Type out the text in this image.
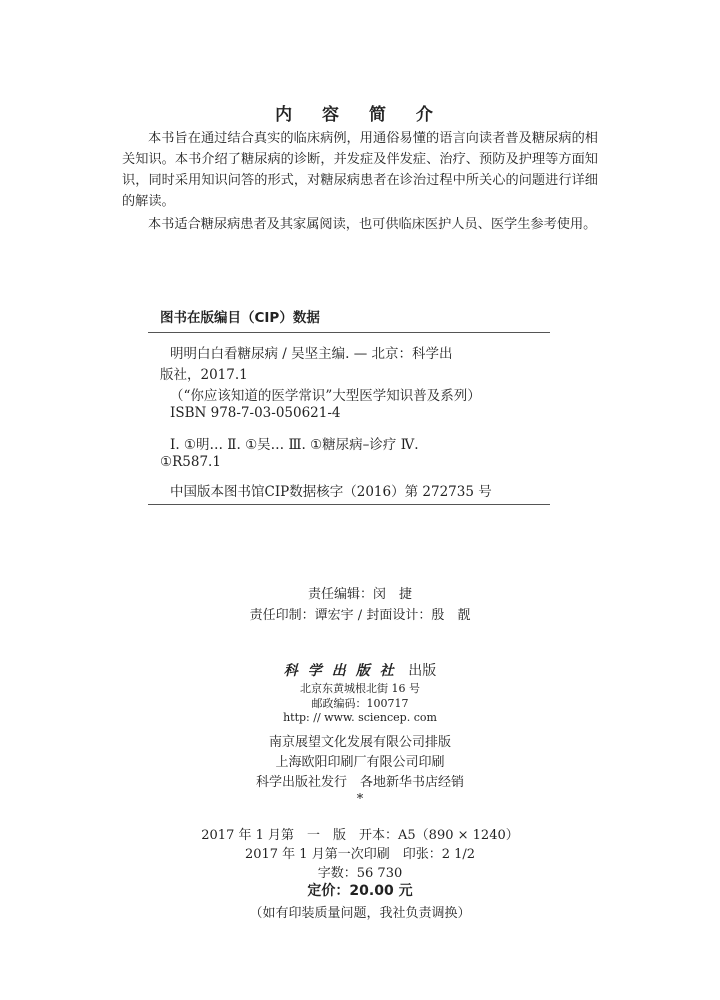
内 容 简 介

本书旨在通过结合真实的临床病例，用通俗易懂的语言向读者普及糖尿病的相关知识。本书介绍了糖尿病的诊断，并发症及伴发症、治疗、预防及护理等方面知识，同时采用知识问答的形式，对糖尿病患者在诊治过程中所关心的问题进行详细的解读。

本书适合糖尿病患者及其家属阅读，也可供临床医护人员、医学生参考使用。

图书在版编目（CIP）数据
明明白白看糖尿病 / 吴坚主编. — 北京：科学出
版社，2017.1
（“你应该知道的医学常识”大型医学知识普及系列）
ISBN 978-7-03-050621-4
Ⅰ. ①明… Ⅱ. ①吴… Ⅲ. ①糖尿病–诊疗 Ⅳ.
①R587.1
中国版本图书馆CIP数据核字（2016）第 272735 号
责任编辑：闵　捷
责任印制：谭宏宇 / 封面设计：殷　靓
科学出版社 出版
北京东黄城根北街 16 号
邮政编码：100717
http: // www. sciencep. com
南京展望文化发展有限公司排版
上海欧阳印刷厂有限公司印刷
科学出版社发行　各地新华书店经销
*
2017 年 1 月第　一　版　开本：A5（890 × 1240）
2017 年 1 月第一次印刷　印张：2 1/2
字数：56 730
定价：20.00 元
（如有印装质量问题，我社负责调换）
